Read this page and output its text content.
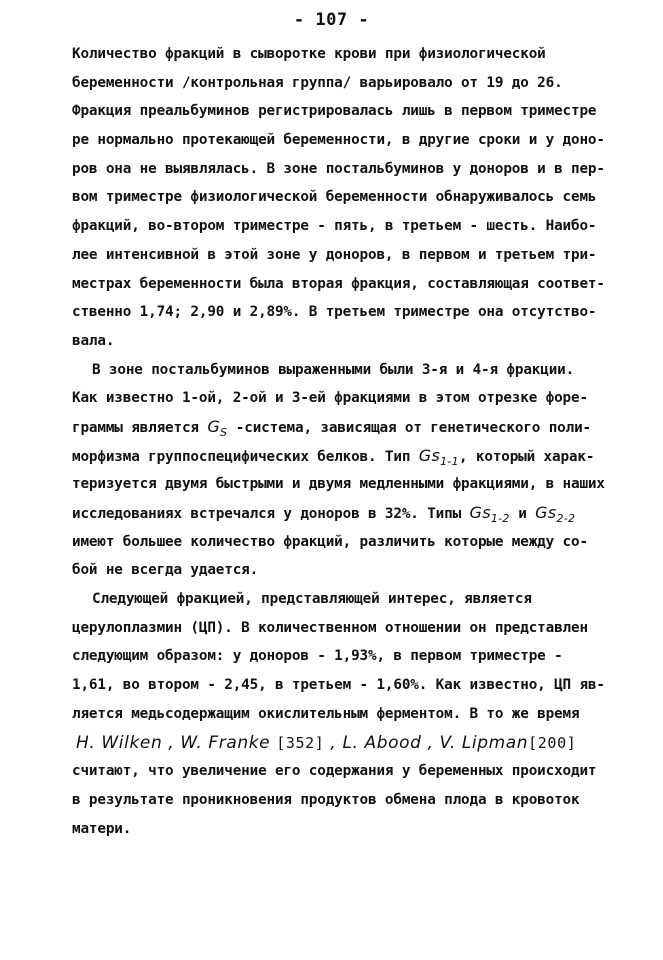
- 107 -
Количество фракций в сыворотке крови при физиологической
беременности /контрольная группа/ варьировало от 19 до 26.
Фракция преальбуминов регистрировалась лишь в первом триместре
ре нормально протекающей беременности, в другие сроки и у доно-
ров она не выявлялась. В зоне постальбуминов у доноров и в пер-
вом триместре физиологической беременности обнаруживалось семь
фракций, во-втором триместре - пять, в третьем - шесть. Наибо-
лее интенсивной в этой зоне у доноров, в первом и третьем три-
местрах беременности была вторая фракция, составляющая соответ-
ственно 1,74; 2,90 и 2,89%. В третьем триместре она отсутство-
вала.
В зоне постальбуминов выраженными были 3-я и 4-я фракции.
Как известно 1-ой, 2-ой и 3-ей фракциями в этом отрезке форе-
граммы является $G_S$ -система, зависящая от генетического поли-
морфизма группоспецифических белков. Тип $Gs_{1-1}$, который харак-
теризуется двумя быстрыми и двумя медленными фракциями, в наших
исследованиях встречался у доноров в 32%. Типы $Gs_{1-2}$ и $Gs_{2-2}$
имеют большее количество фракций, различить которые между со-
бой не всегда удается.
Следующей фракцией, представляющей интерес, является
церулоплазмин (ЦП). В количественном отношении он представлен
следующим образом: у доноров - 1,93%, в первом триместре -
1,61, во втором - 2,45, в третьем - 1,60%. Как известно, ЦП яв-
ляется медьсодержащим окислительным ферментом. В то же время
H. Wilken , W. Franke [352] , L. Abood , V. Lipman[200]
считают, что увеличение его содержания у беременных происходит
в результате проникновения продуктов обмена плода в кровоток
матери.
